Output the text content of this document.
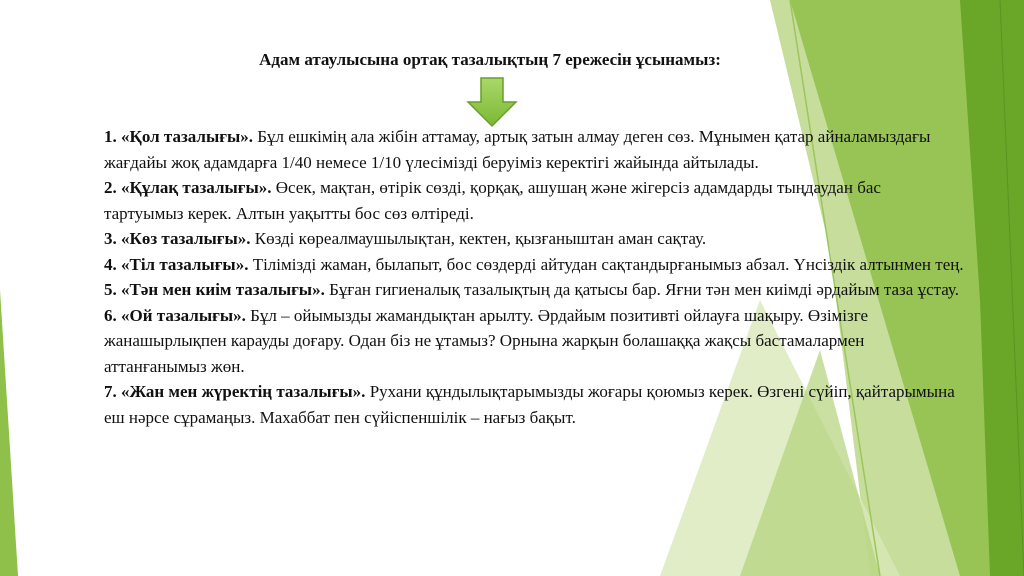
Адам атаулысына ортақ тазалықтың 7 ережесін ұсынамыз:

1. «Қол тазалығы». Бұл ешкімің ала жібін аттамау, артық затын алмау деген сөз. Мұнымен қатар айналамыздағы жағдайы жоқ адамдарға 1/40 немесе 1/10 үлесімізді беруіміз керектігі жайында айтылады.

2. «Құлақ тазалығы». Өсек, мақтан, өтірік сөзді, қорқақ, ашушаң және жігерсіз адамдарды тыңдаудан бас тартуымыз керек. Алтын уақытты бос сөз өлтіреді.

3. «Көз тазалығы». Көзді көреалмаушылықтан, кектен, қызғаныштан аман сақтау.

4. «Тіл тазалығы». Тілімізді жаман, былапыт, бос сөздерді айтудан сақтандырғанымыз абзал. Үнсіздік алтынмен тең.

5. «Тән мен киім тазалығы». Бұған гигиеналық тазалықтың да қатысы бар. Яғни тән мен киімді әрдайым таза ұстау.

6. «Ой тазалығы». Бұл – ойымызды жамандықтан арылту. Әрдайым позитивті ойлауға шақыру. Өзімізге жанашырлықпен карауды доғару. Одан біз не ұтамыз? Орнына жарқын болашаққа жақсы бастамалармен аттанғанымыз жөн.

7. «Жан мен жүректің тазалығы». Рухани құндылықтарымызды жоғары қоюмыз керек. Өзгені сүйіп, қайтарымына еш нәрсе сұрамаңыз. Махаббат пен сүйіспеншілік – нағыз бақыт.
